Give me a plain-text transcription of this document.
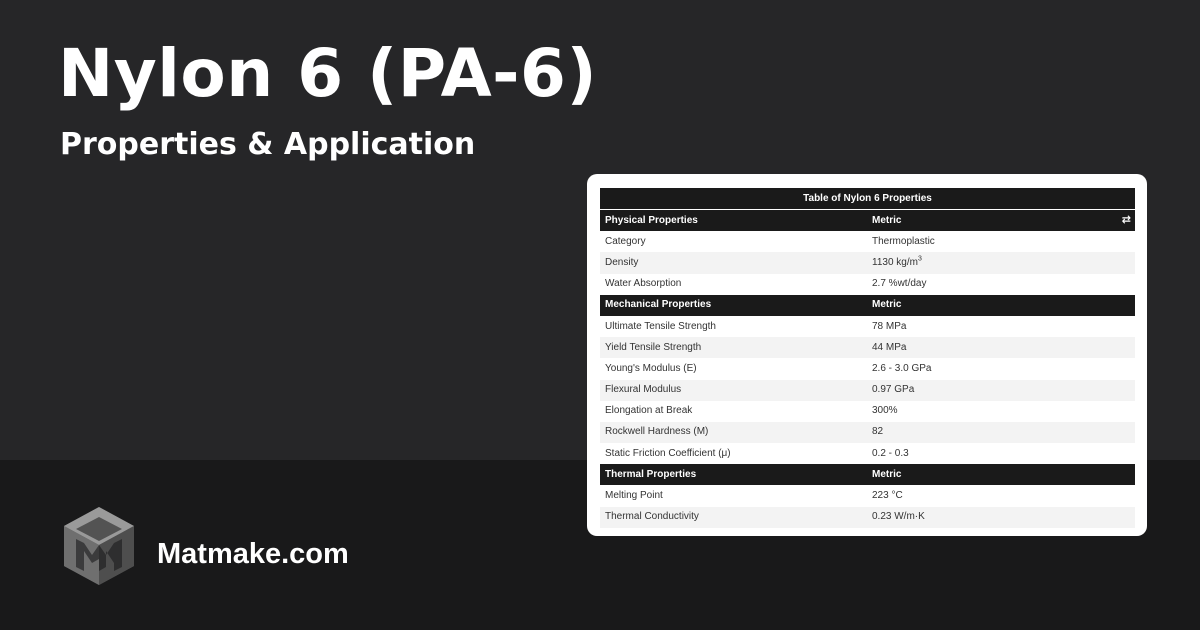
Nylon 6 (PA-6)
Properties & Application
Table of Nylon 6 Properties	
Physical Properties	Metric ⇄

Category	Thermoplastic
Density	1130 $kg/m^3$
Water Absorption	2.7 %wt/day
Mechanical Properties	Metric
Ultimate Tensile Strength	78 MPa
Yield Tensile Strength	44 MPa
Young's Modulus (E)	2.6 - 3.0 GPa
Flexural Modulus	0.97 GPa
Elongation at Break	300%
Rockwell Hardness (M)	82
Static Friction Coefficient (μ)	0.2 - 0.3
Thermal Properties	Metric
Melting Point	223 °C
Thermal Conductivity	0.23 W/m·K
Matmake.com
